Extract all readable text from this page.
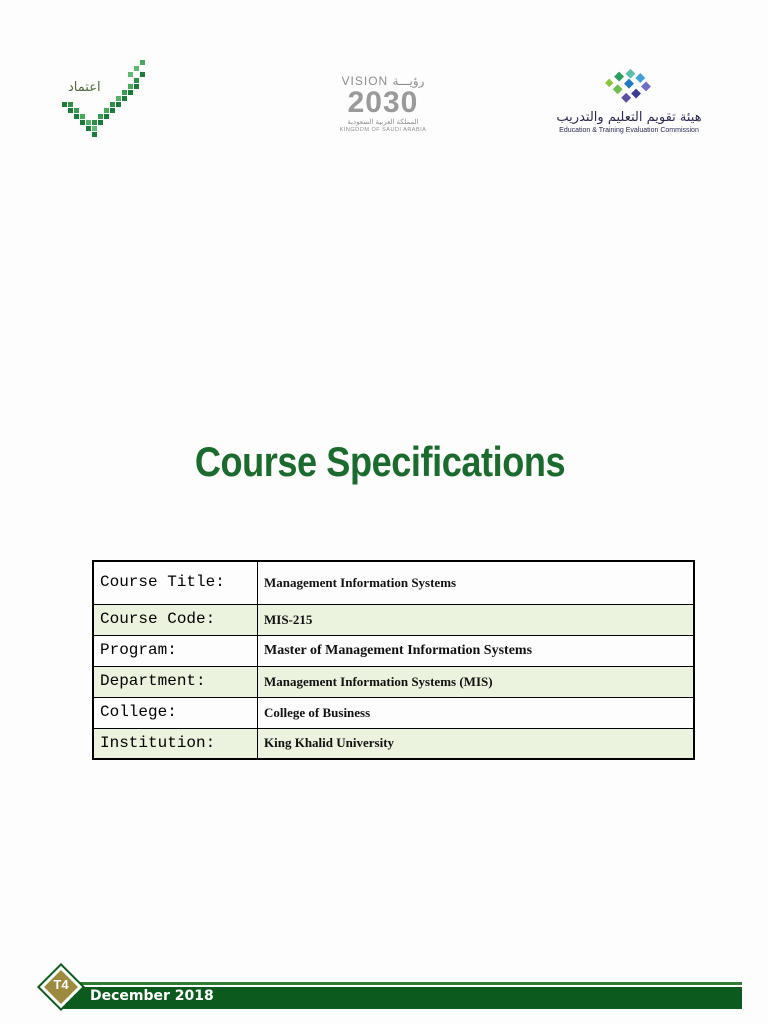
اعتماد	VISION رؤيـــة
2030
المملكة العربية السعودية
KINGDOM OF SAUDI ARABIA
هيئة تقويم التعليم والتدريب
Education & Training Evaluation Commission
Course Specifications
Course Title:	Management Information Systems
Course Code:	MIS-215
Program:	Master of Management Information Systems
Department:	Management Information Systems (MIS)
College:	College of Business
Institution:	King Khalid University
December 2018
T4
